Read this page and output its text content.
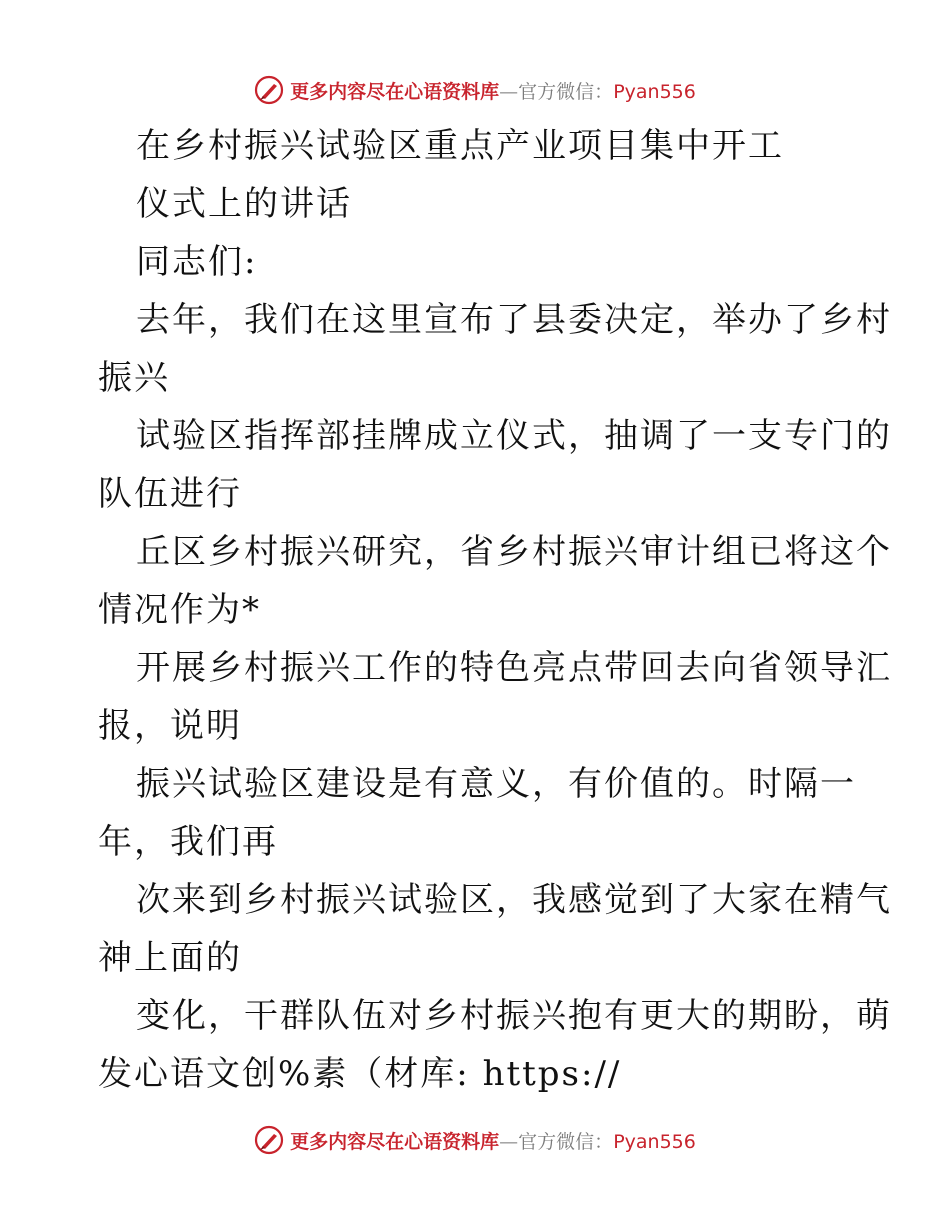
更多内容尽在心语资料库—官方微信：Pyan556
在乡村振兴试验区重点产业项目集中开工
仪式上的讲话
同志们:
去年，我们在这里宣布了县委决定，举办了乡村
振兴
试验区指挥部挂牌成立仪式，抽调了一支专门的
队伍进行
丘区乡村振兴研究，省乡村振兴审计组已将这个
情况作为*
开展乡村振兴工作的特色亮点带回去向省领导汇
报，说明
振兴试验区建设是有意义，有价值的。时隔一
年，我们再
次来到乡村振兴试验区，我感觉到了大家在精气
神上面的
变化，干群队伍对乡村振兴抱有更大的期盼，萌
发心语文创%素（材库: https://
更多内容尽在心语资料库—官方微信：Pyan556
